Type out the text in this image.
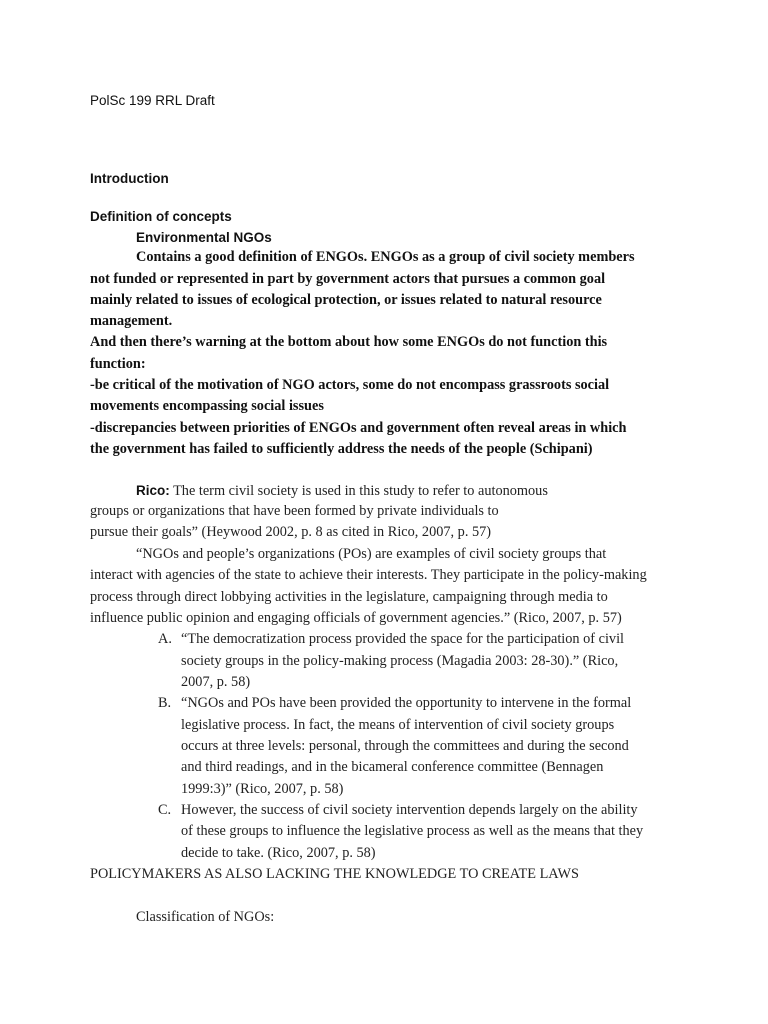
PolSc 199 RRL Draft
Introduction
Definition of concepts
Environmental NGOs
Contains a good definition of ENGOs. ENGOs as a group of civil society members
not funded or represented in part by government actors that pursues a common goal
mainly related to issues of ecological protection, or issues related to natural resource
management.
And then there’s warning at the bottom about how some ENGOs do not function this
function:
-be critical of the motivation of NGO actors, some do not encompass grassroots social
movements encompassing social issues
-discrepancies between priorities of ENGOs and government often reveal areas in which
the government has failed to sufficiently address the needs of the people (Schipani)
Rico: The term civil society is used in this study to refer to autonomous
groups or organizations that have been formed by private individuals to
pursue their goals” (Heywood 2002, p. 8 as cited in Rico, 2007, p. 57)
“NGOs and people’s organizations (POs) are examples of civil society groups that
interact with agencies of the state to achieve their interests. They participate in the policy-making
process through direct lobbying activities in the legislature, campaigning through media to
influence public opinion and engaging officials of government agencies.” (Rico, 2007, p. 57)
A. “The democratization process provided the space for the participation of civil
society groups in the policy-making process (Magadia 2003: 28-30).” (Rico,
2007, p. 58)
B. “NGOs and POs have been provided the opportunity to intervene in the formal
legislative process. In fact, the means of intervention of civil society groups
occurs at three levels: personal, through the committees and during the second
and third readings, and in the bicameral conference committee (Bennagen
1999:3)” (Rico, 2007, p. 58)
C. However, the success of civil society intervention depends largely on the ability
of these groups to influence the legislative process as well as the means that they
decide to take. (Rico, 2007, p. 58)
POLICYMAKERS AS ALSO LACKING THE KNOWLEDGE TO CREATE LAWS
Classification of NGOs:
